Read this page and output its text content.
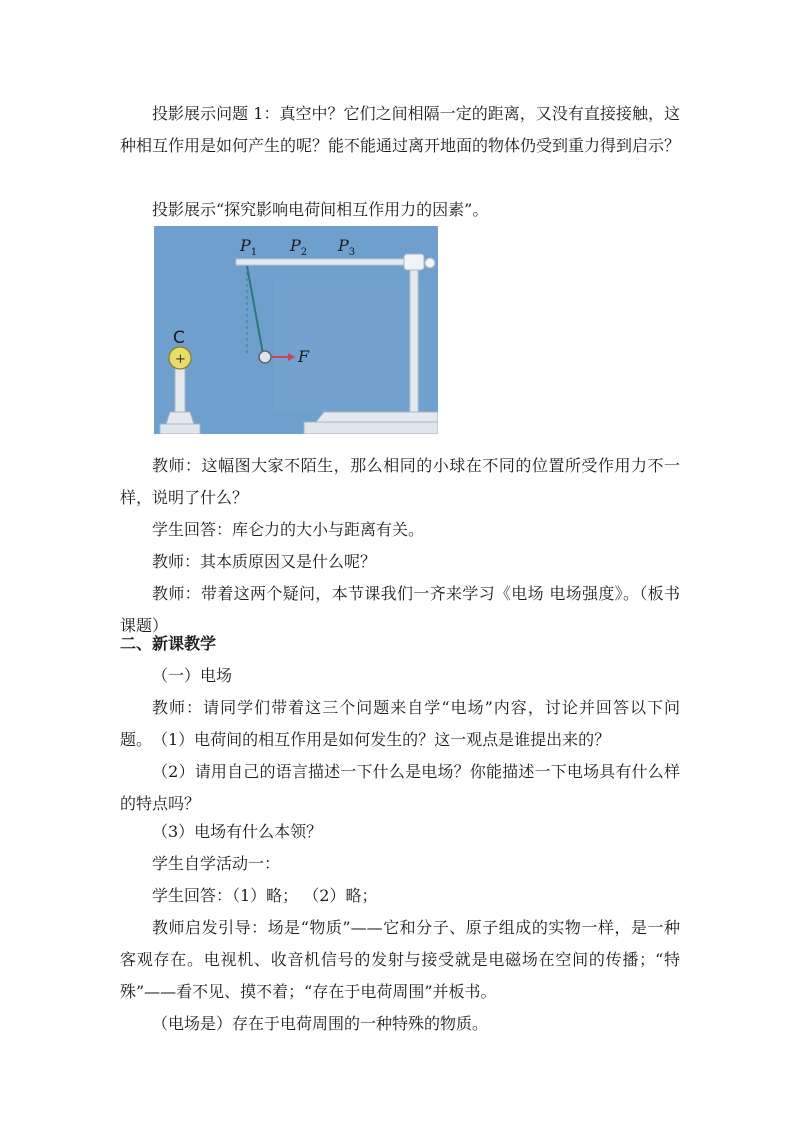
投影展示问题 1：真空中？它们之间相隔一定的距离，又没有直接接触，这种相互作用是如何产生的呢？能不能通过离开地面的物体仍受到重力得到启示？

投影展示“探究影响电荷间相互作用力的因素”。

$P_1$ $P_2$ $P_3$
C
+	F

教师：这幅图大家不陌生，那么相同的小球在不同的位置所受作用力不一样，说明了什么？

学生回答：库仑力的大小与距离有关。

教师：其本质原因又是什么呢？

教师：带着这两个疑问，本节课我们一齐来学习《电场 电场强度》。（板书课题）

二、新课教学

（一）电场

教师：请同学们带着这三个问题来自学“电场”内容，讨论并回答以下问题。 （1）电荷间的相互作用是如何发生的？这一观点是谁提出来的？

（2）请用自己的语言描述一下什么是电场？你能描述一下电场具有什么样的特点吗？

（3）电场有什么本领？

学生自学活动一：

学生回答：（1）略； （2）略；

教师启发引导：场是“物质”——它和分子、原子组成的实物一样，是一种客观存在。电视机、收音机信号的发射与接受就是电磁场在空间的传播；“特殊”——看不见、摸不着；“存在于电荷周围”并板书。

（电场是）存在于电荷周围的一种特殊的物质。
